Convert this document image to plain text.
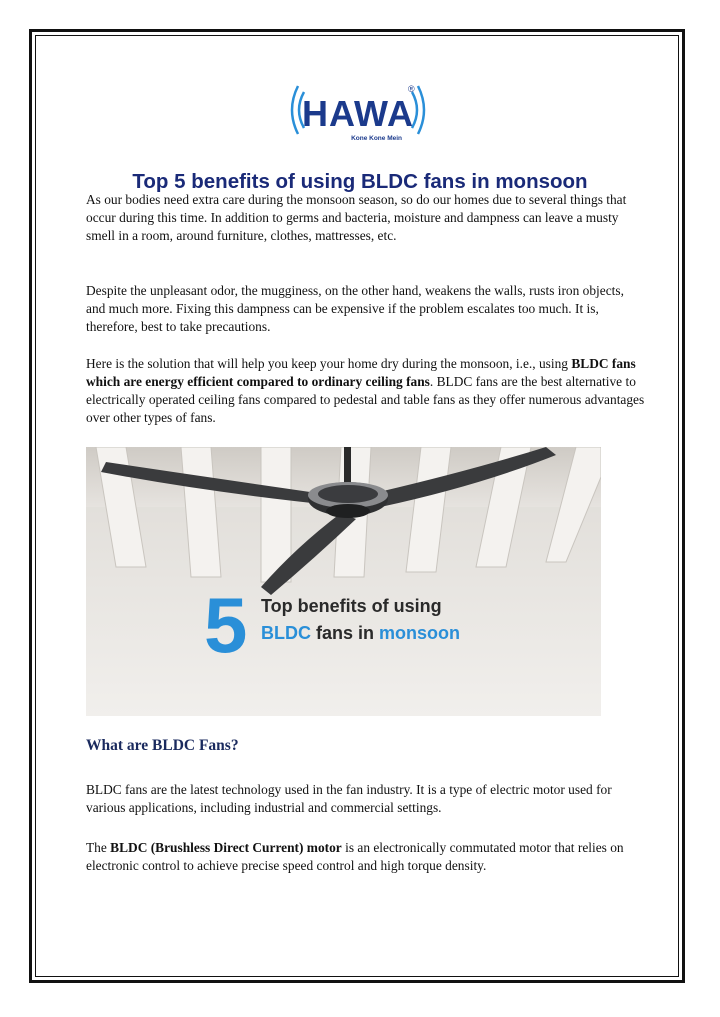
HAWA
®
Kone Kone Mein
Top 5 benefits of using BLDC fans in monsoon

As our bodies need extra care during the monsoon season, so do our homes due to several things that occur during this time. In addition to germs and bacteria, moisture and dampness can leave a musty smell in a room, around furniture, clothes, mattresses, etc.

Despite the unpleasant odor, the mugginess, on the other hand, weakens the walls, rusts iron objects, and much more. Fixing this dampness can be expensive if the problem escalates too much. It is, therefore, best to take precautions.

Here is the solution that will help you keep your home dry during the monsoon, i.e., using BLDC fans which are energy efficient compared to ordinary ceiling fans. BLDC fans are the best alternative to electrically operated ceiling fans compared to pedestal and table fans as they offer numerous advantages over other types of fans.

5 Top benefits of using
BLDC fans in monsoon
What are BLDC Fans?

BLDC fans are the latest technology used in the fan industry. It is a type of electric motor used for various applications, including industrial and commercial settings.

The BLDC (Brushless Direct Current) motor is an electronically commutated motor that relies on electronic control to achieve precise speed control and high torque density.
